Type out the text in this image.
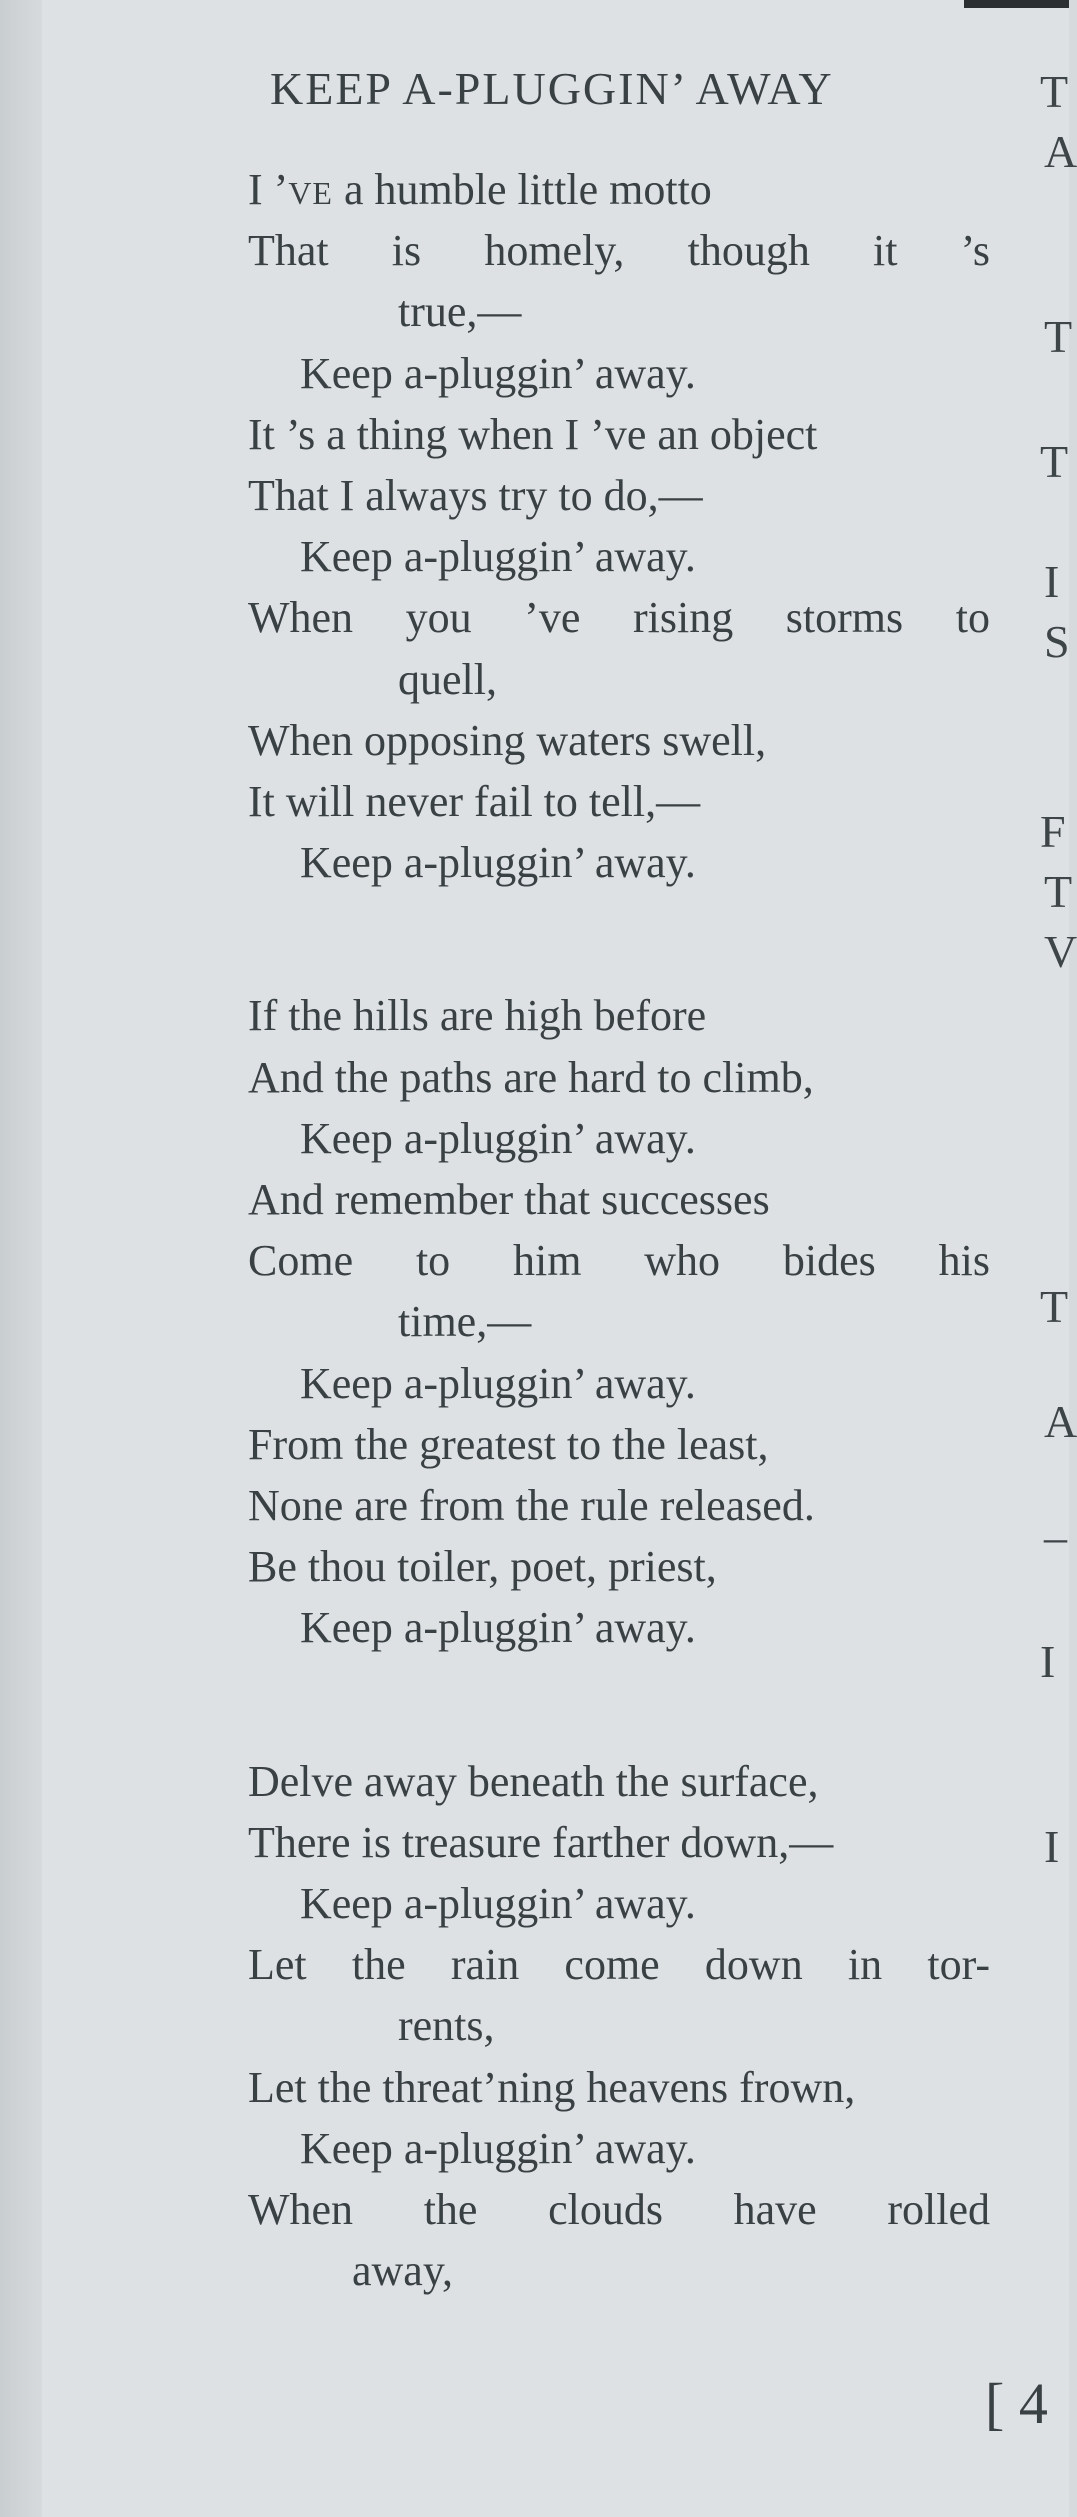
KEEP A-PLUGGIN’ AWAY
I ’VE a humble little motto
That is homely, though it ’s
true,—
Keep a-pluggin’ away.
It ’s a thing when I ’ve an object
That I always try to do,—
Keep a-pluggin’ away.
When you ’ve rising storms to
quell,
When opposing waters swell,
It will never fail to tell,—
Keep a-pluggin’ away.
If the hills are high before
And the paths are hard to climb,
Keep a-pluggin’ away.
And remember that successes
Come to him who bides his
time,—
Keep a-pluggin’ away.
From the greatest to the least,
None are from the rule released.
Be thou toiler, poet, priest,
Keep a-pluggin’ away.
Delve away beneath the surface,
There is treasure farther down,—
Keep a-pluggin’ away.
Let the rain come down in tor-
rents,
Let the threat’ning heavens frown,
Keep a-pluggin’ away.
When the clouds have rolled
away,
T
A
T
T
I
S
F
T
V
T
A
–
I
I
[ 4
